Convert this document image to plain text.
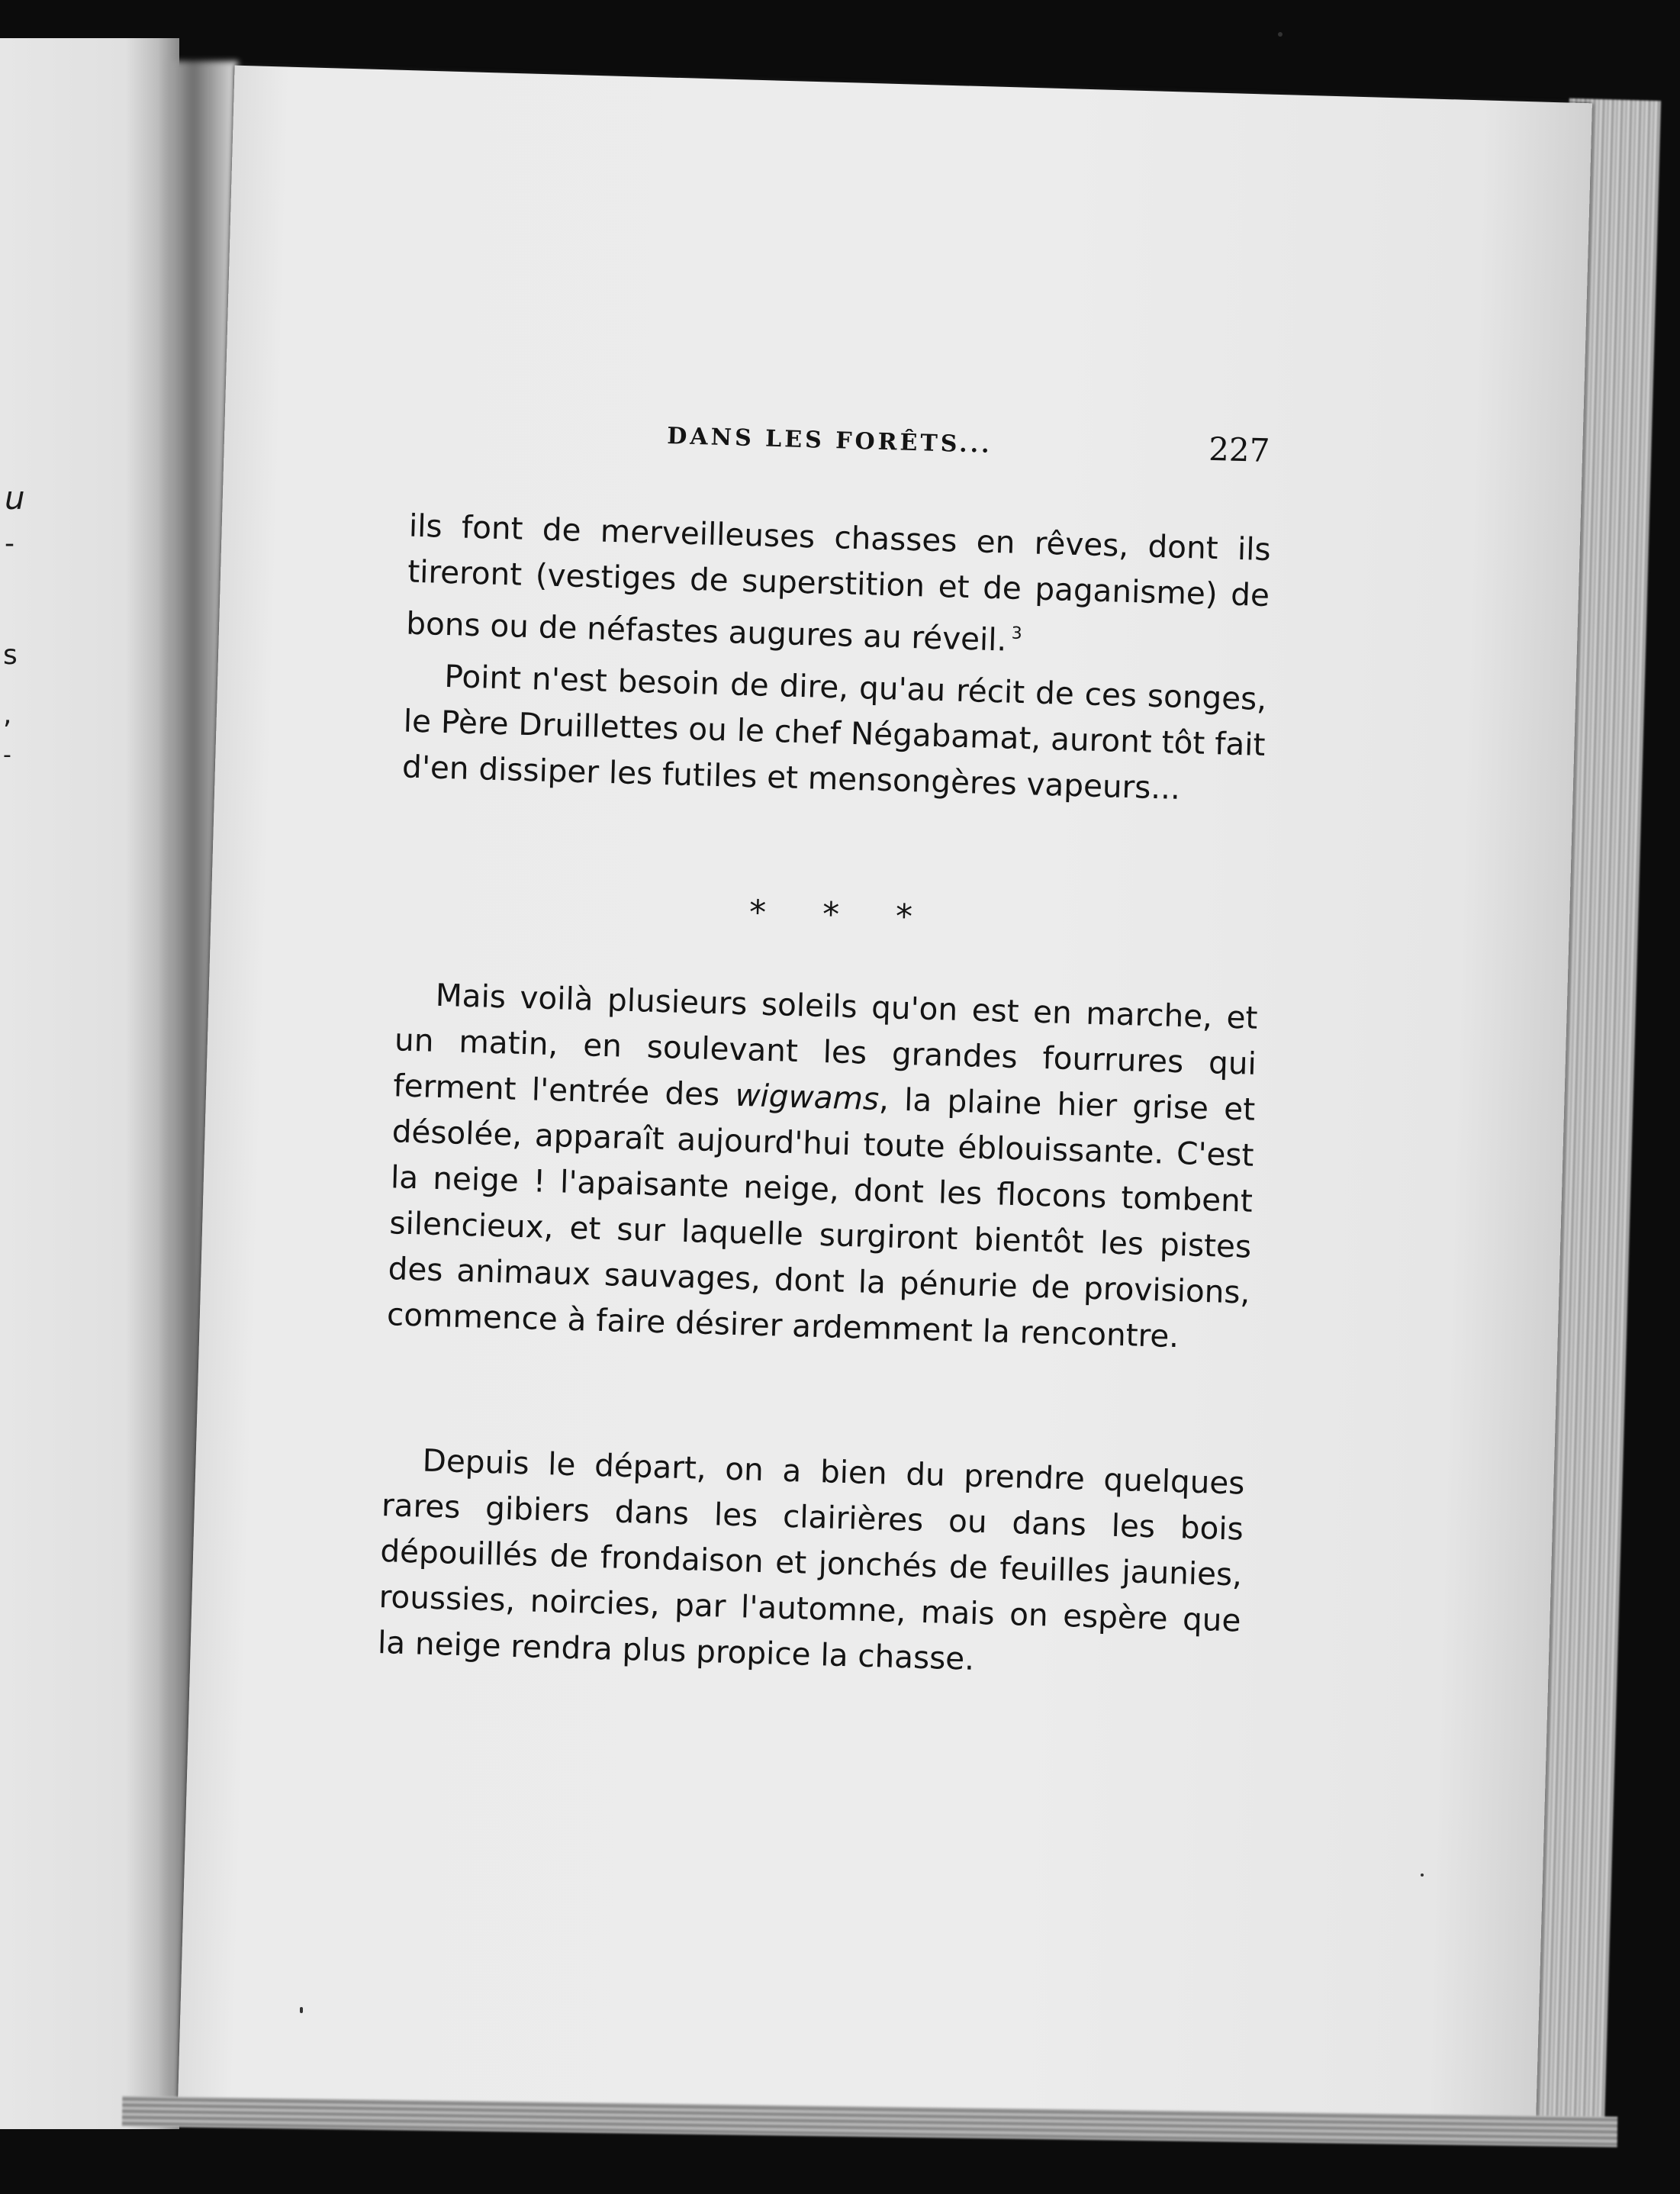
u
-
s
,
-
DANS LES FORÊTS...	227

ils font de merveilleuses chasses en rêves, dont ils tireront (vestiges de superstition et de paganisme) de bons ou de néfastes augures au réveil. $^3$

Point n'est besoin de dire, qu'au récit de ces songes, le Père Druillettes ou le chef Négabamat, auront tôt fait d'en dissiper les futiles et mensongères vapeurs...

* * *

Mais voilà plusieurs soleils qu'on est en marche, et un matin, en soulevant les grandes fourrures qui ferment l'entrée des wigwams, la plaine hier grise et désolée, apparaît aujourd'hui toute éblouissante. C'est la neige ! l'apaisante neige, dont les flocons tombent silencieux, et sur laquelle surgiront bientôt les pistes des animaux sauvages, dont la pénurie de provisions, commence à faire désirer ardemment la rencontre.

Depuis le départ, on a bien du prendre quelques rares gibiers dans les clairières ou dans les bois dépouillés de frondaison et jonchés de feuilles jaunies, roussies, noircies, par l'automne, mais on espère que la neige rendra plus propice la chasse.
